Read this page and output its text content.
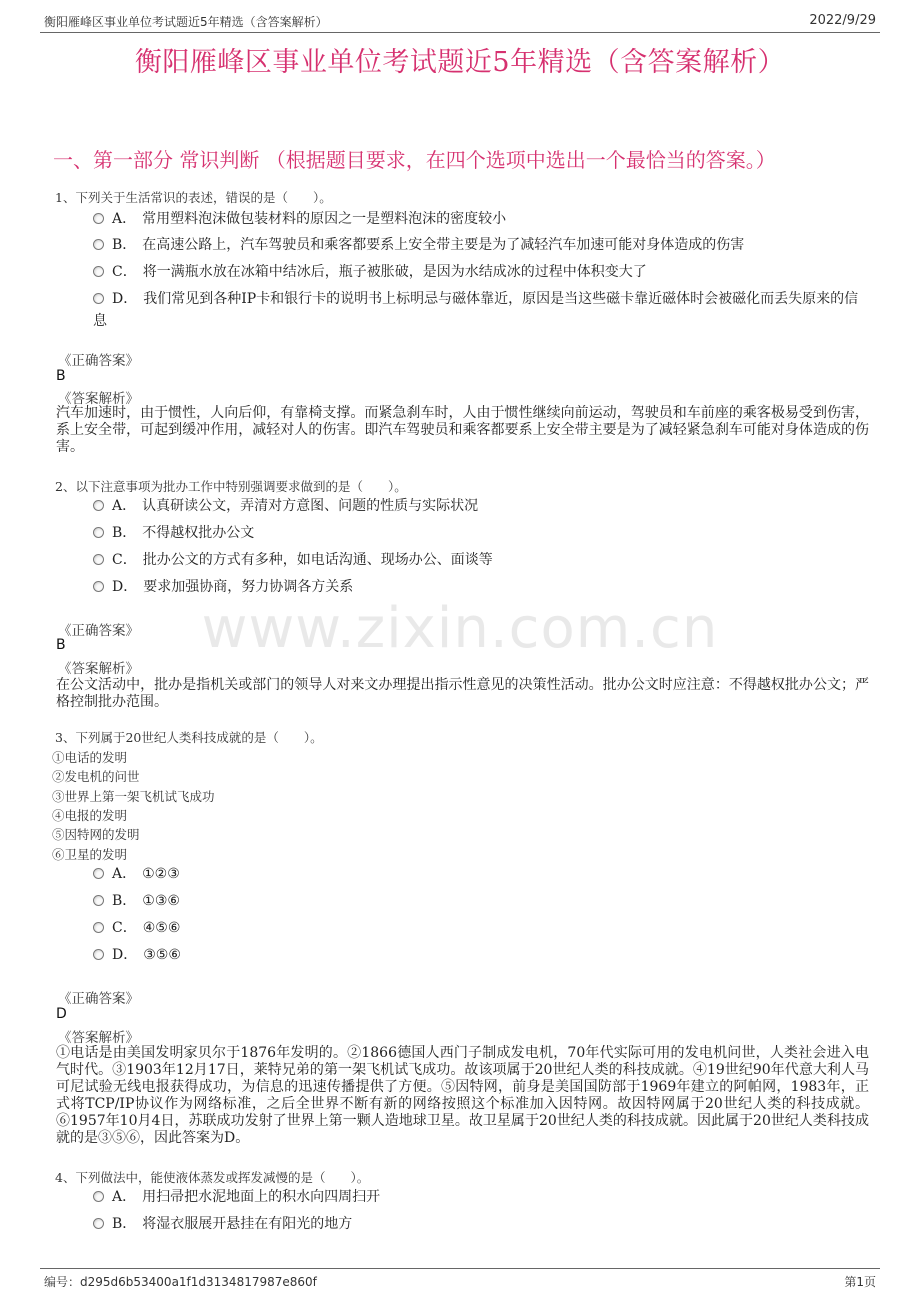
衡阳雁峰区事业单位考试题近5年精选（含答案解析）	2022/9/29
www.zixin.com.cn
衡阳雁峰区事业单位考试题近5年精选（含答案解析）
一、第一部分 常识判断 （根据题目要求，在四个选项中选出一个最恰当的答案。）
1、下列关于生活常识的表述，错误的是（　　）。
A． 常用塑料泡沫做包装材料的原因之一是塑料泡沫的密度较小
B． 在高速公路上，汽车驾驶员和乘客都要系上安全带主要是为了减轻汽车加速可能对身体造成的伤害
C． 将一满瓶水放在冰箱中结冰后，瓶子被胀破，是因为水结成冰的过程中体积变大了
D． 我们常见到各种IP卡和银行卡的说明书上标明忌与磁体靠近，原因是当这些磁卡靠近磁体时会被磁化而丢失原来的信息
《正确答案》
B
《答案解析》
汽车加速时，由于惯性，人向后仰，有靠椅支撑。而紧急刹车时，人由于惯性继续向前运动，驾驶员和车前座的乘客极易受到伤害，系上安全带，可起到缓冲作用，减轻对人的伤害。即汽车驾驶员和乘客都要系上安全带主要是为了减轻紧急刹车可能对身体造成的伤害。
2、以下注意事项为批办工作中特别强调要求做到的是（　　）。
A． 认真研读公文，弄清对方意图、问题的性质与实际状况
B． 不得越权批办公文
C． 批办公文的方式有多种，如电话沟通、现场办公、面谈等
D． 要求加强协商，努力协调各方关系
《正确答案》
B
《答案解析》
在公文活动中，批办是指机关或部门的领导人对来文办理提出指示性意见的决策性活动。批办公文时应注意：不得越权批办公文；严格控制批办范围。
3、下列属于20世纪人类科技成就的是（　　）。
①电话的发明
②发电机的问世
③世界上第一架飞机试飞成功
④电报的发明
⑤因特网的发明
⑥卫星的发明
A． ①②③
B． ①③⑥
C． ④⑤⑥
D． ③⑤⑥
《正确答案》
D
《答案解析》
①电话是由美国发明家贝尔于1876年发明的。②1866德国人西门子制成发电机，70年代实际可用的发电机问世，人类社会进入电气时代。③1903年12月17日，莱特兄弟的第一架飞机试飞成功。故该项属于20世纪人类的科技成就。④19世纪90年代意大利人马可尼试验无线电报获得成功，为信息的迅速传播提供了方便。⑤因特网，前身是美国国防部于1969年建立的阿帕网，1983年，正式将TCP/IP协议作为网络标准，之后全世界不断有新的网络按照这个标准加入因特网。故因特网属于20世纪人类的科技成就。⑥1957年10月4日，苏联成功发射了世界上第一颗人造地球卫星。故卫星属于20世纪人类的科技成就。因此属于20世纪人类科技成就的是③⑤⑥，因此答案为D。
4、下列做法中，能使液体蒸发或挥发减慢的是（　　）。
A． 用扫帚把水泥地面上的积水向四周扫开
B． 将湿衣服展开悬挂在有阳光的地方
编号：d295d6b53400a1f1d3134817987e860f	第1页
